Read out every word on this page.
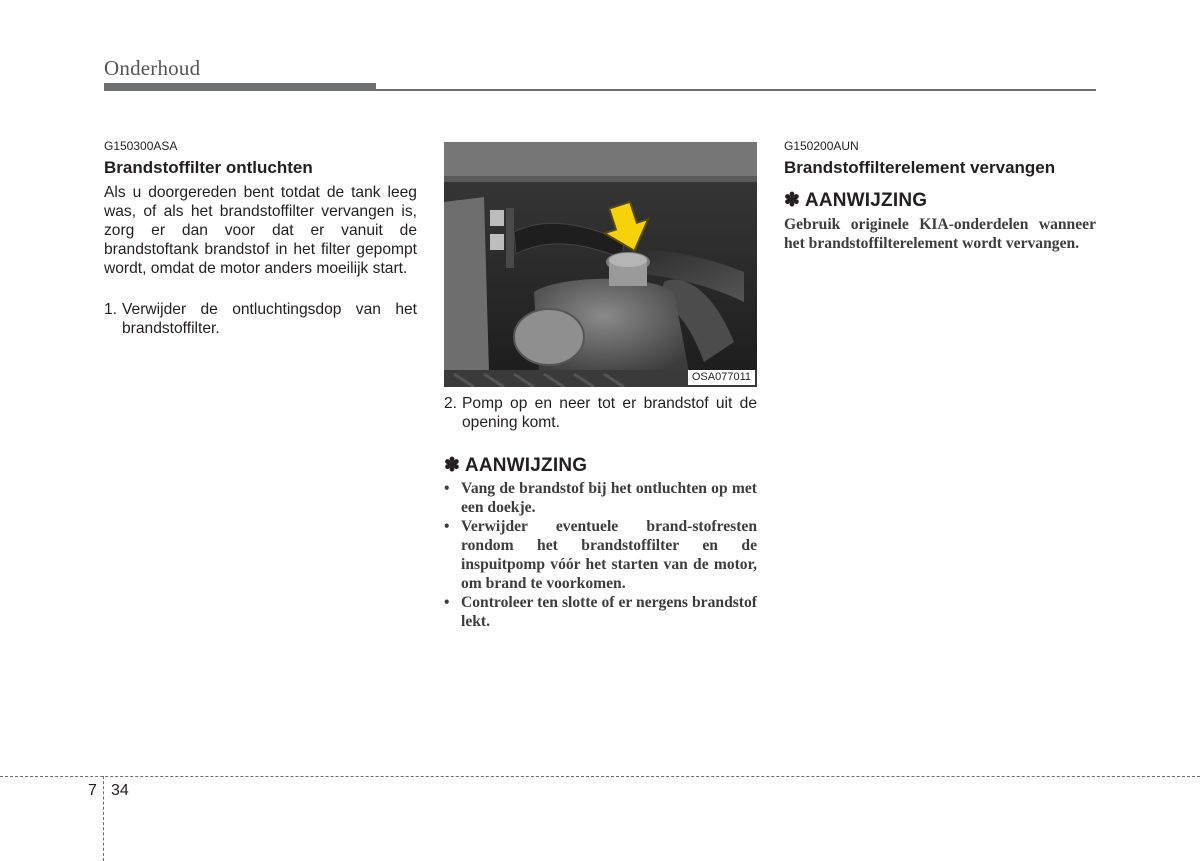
Onderhoud
G150300ASA
Brandstoffilter ontluchten
Als u doorgereden bent totdat de tank leeg was, of als het brandstoffilter vervangen is, zorg er dan voor dat er vanuit de brandstoftank brandstof in het filter gepompt wordt, omdat de motor anders moeilijk start.
1. Verwijder de ontluchtingsdop van het brandstoffilter.
OSA077011
2. Pomp op en neer tot er brandstof uit de opening komt.
✽ AANWIJZING
• Vang de brandstof bij het ontluchten op met een doekje.
• Verwijder eventuele brand-stofresten rondom het brandstoffilter en de inspuitpomp vóór het starten van de motor, om brand te voorkomen.
• Controleer ten slotte of er nergens brandstof lekt.
G150200AUN
Brandstoffilterelement vervangen
✽ AANWIJZING
Gebruik originele KIA-onderdelen wanneer het brandstoffilterelement wordt vervangen.
7 34
